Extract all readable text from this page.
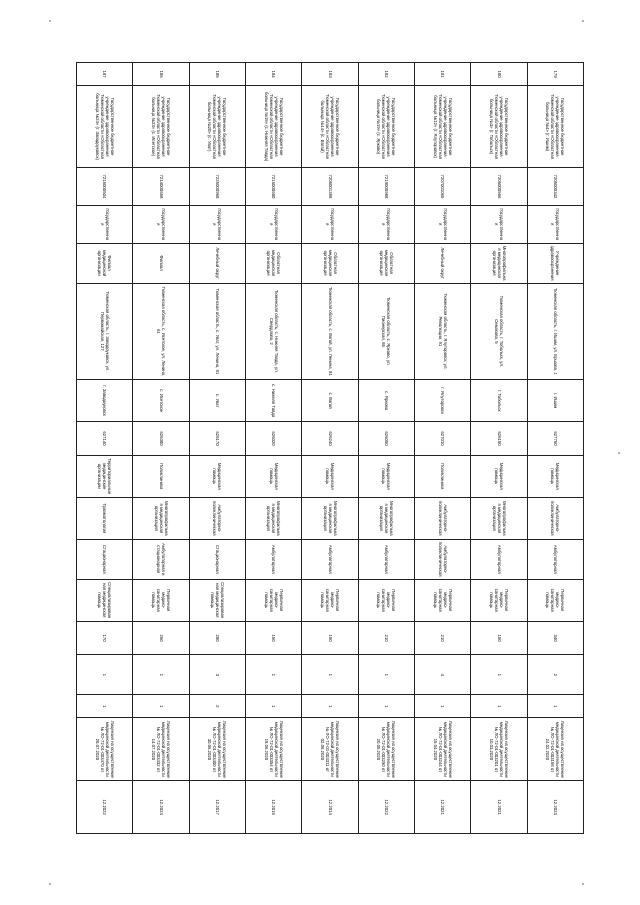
179	Государственное бюджетное учреждение здравоохранения Тюменской области «Областная больница №4» (г. Ишим)	7205000342	Государственная	Учреждение здравоохранения	Тюменская область, г. Ишим, ул. Ершова, 1	г. Ишим	627750	Медицинская помощь	Амбулаторно-поликлиническая	Амбулаторная	Первичная медико-санитарная помощь	340	2	1	Лицензия на осуществление медицинской деятельности № ЛО-72-01-003158 от 24.02.2020	12.2023
180	Государственное бюджетное учреждение здравоохранения Тюменской области «Областная больница №3» (г. Тобольск)	7206000566	Государственная	Многопрофильная медицинская организация	Тюменская область, г. Тобольск, ул. Семакова, 5	г. Тобольск	626150	Медицинская помощь	Многопрофильная медицинская организация	Амбулаторная	Первичная медико-санитарная помощь	150	1	1	Лицензия на осуществление медицинской деятельности № ЛО-72-01-003201 от 10.03.2020	12.2021
181	Государственное бюджетное учреждение здравоохранения Тюменской области «Областная больница №12» (г. Ялуторовск)	7207001065	Государственная	Лечебный округ	Тюменская область, г. Ялуторовск, ул. Революции, 91	г. Ялуторовск	627010	Поликлиника	Амбулаторно-поликлиническая	Амбулаторно-поликлиническая	Первичная медико-санитарная помощь	210	4	1	Лицензия на осуществление медицинской деятельности № ЛО-72-01-003244 от 15.04.2020	12.2021
182	Государственное бюджетное учреждение здравоохранения Тюменской области «Областная больница №19» (с. Ярково)	7219000988	Государственная	Областная медицинская организация	Тюменская область, с. Ярково, ул. Пионерская, 86	с. Ярково	626050	Медицинская помощь	Многопрофильная медицинская организация	Амбулаторная	Первичная медико-санитарная помощь	210	1	1	Лицензия на осуществление медицинской деятельности № ЛО-72-01-003290 от 20.05.2020	12.2022
183	Государственное бюджетное учреждение здравоохранения Тюменской области «Областная больница №14» (с. Вагай)	7206001398	Государственная	Областная медицинская организация	Тюменская область, с. Вагай, ул. Ленина, 81	с. Вагай	626240	Медицинская помощь	Многопрофильная медицинская организация	Амбулаторная	Первичная медико-санитарная помощь	150	1	1	Лицензия на осуществление медицинской деятельности № ЛО-72-01-003311 от 02.06.2020	12.2014
184	Государственное бюджетное учреждение здравоохранения Тюменской области «Областная больница №15» (с. Нижняя Тавда)	7216000680	Государственная	Областная медицинская организация	Тюменская область, с. Нижняя Тавда, ул. Свердлова, 2	с. Нижняя Тавда	626020	Медицинская помощь	Многопрофильная медицинская организация	Амбулаторная	Первичная медико-санитарная помощь	150	1	1	Лицензия на осуществление медицинской деятельности № ЛО-72-01-003354 от 18.06.2020	12.2015
185	Государственное бюджетное учреждение здравоохранения Тюменской области «Областная больница №20» (с. Уват)	7225000968	Государственная	Лечебный округ	Тюменская область, с. Уват, ул. Ленина, 91	с. Уват	626170	Медицинская помощь	Амбулаторно-поликлиническая	Стационарная	Специализированная медицинская помощь	280	3	2	Лицензия на осуществление медицинской деятельности № ЛО-72-01-003400 от 30.06.2020	12.2017
186	Государственное бюджетное учреждение здравоохранения Тюменской области «Областная больница №23» (с. Исетское)	7214000658	Государственная	Филиал	Тюменская область, с. Исетское, ул. Ленина, 61	с. Исетское	626380	Поликлиника	Многопрофильная медицинская организация	Амбулаторная и стационарная	Первичная медико-санитарная помощь	260	1	1	Лицензия на осуществление медицинской деятельности № ЛО-72-01-003432 от 14.07.2020	12.2024
187	Государственное бюджетное учреждение здравоохранения Тюменской области «Областная больница №24» (г. Заводоуковск)	7215000604	Государственная	Филиал медицинской организации	Тюменская область, г. Заводоуковск, ул. Первомайская, 127	г. Заводоуковск	627140	Территориальные медицинские организации	Травматология	Стационарная	Специализированная медицинская помощь	170	1	1	Лицензия на осуществление медицинской деятельности № ЛО-72-01-003470 от 28.07.2020	12.2022
